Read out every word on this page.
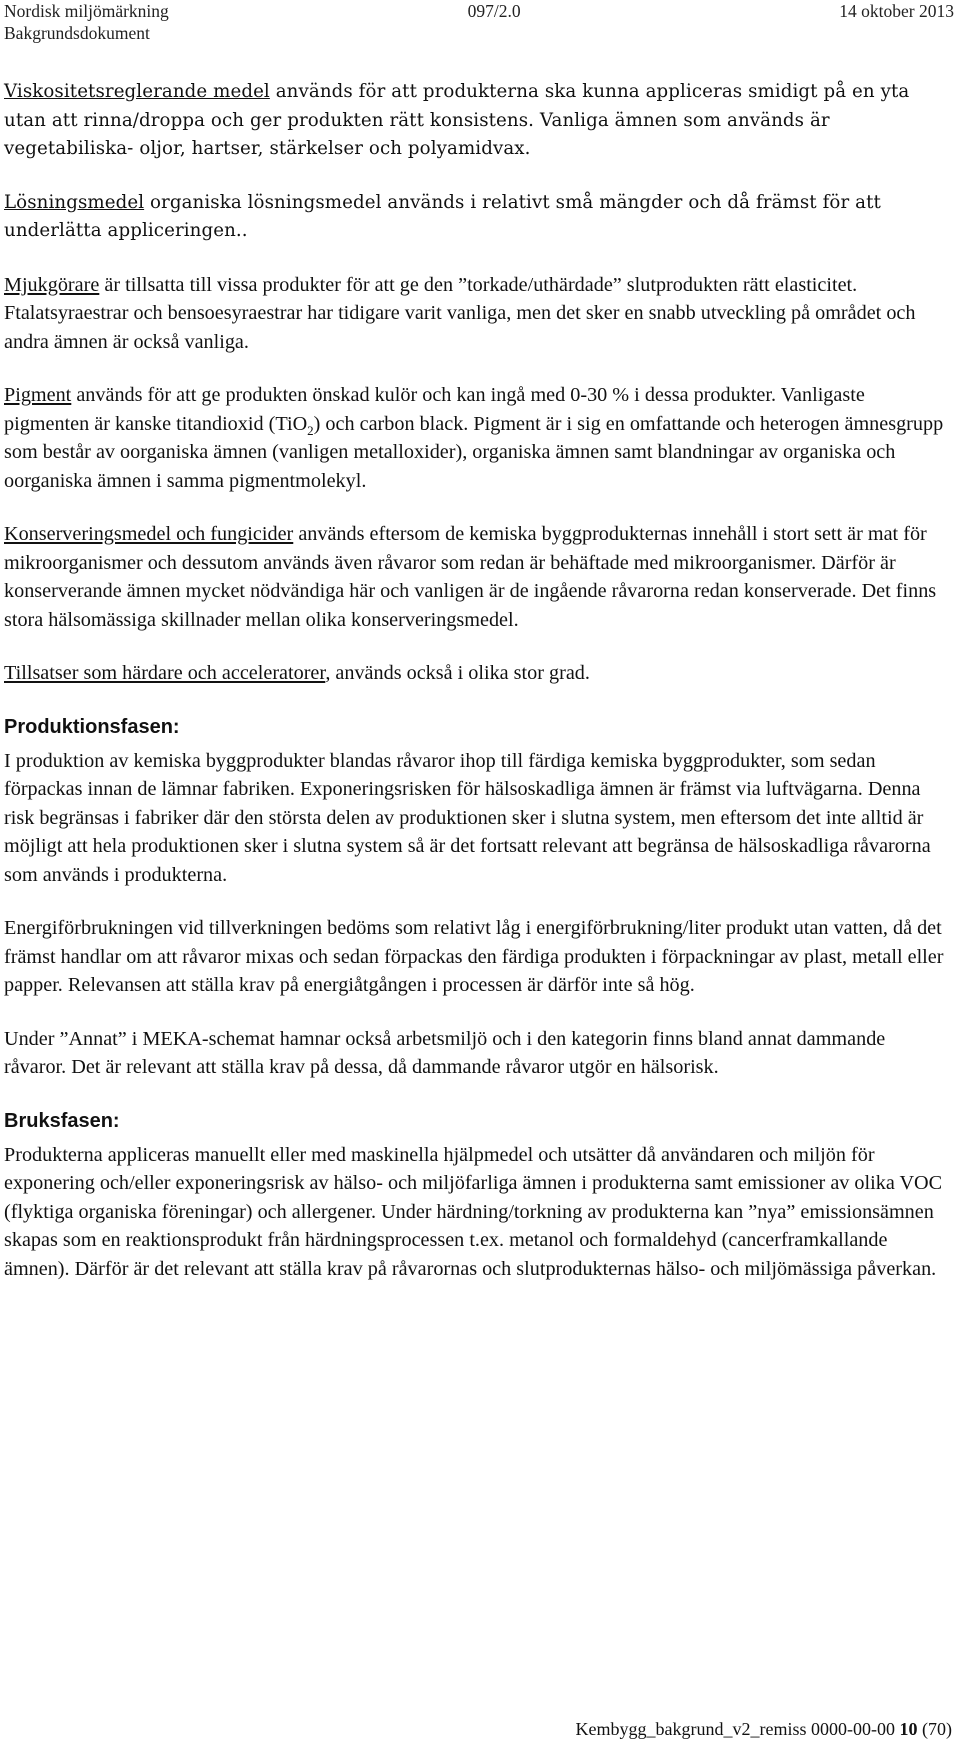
Nordisk miljömärkning	097/2.0	14 oktober 2013
Bakgrundsdokument

Viskositetsreglerande medel används för att produkterna ska kunna appliceras smidigt på en yta utan att rinna/droppa och ger produkten rätt konsistens. Vanliga ämnen som används är vegetabiliska- oljor, hartser, stärkelser och polyamidvax.

Lösningsmedel organiska lösningsmedel används i relativt små mängder och då främst för att underlätta appliceringen..

Mjukgörare är tillsatta till vissa produkter för att ge den ”torkade/uthärdade” slutprodukten rätt elasticitet. Ftalatsyraestrar och bensoesyraestrar har tidigare varit vanliga, men det sker en snabb utveckling på området och andra ämnen är också vanliga.

Pigment används för att ge produkten önskad kulör och kan ingå med 0-30 % i dessa produkter. Vanligaste pigmenten är kanske titandioxid (TiO$_2$) och carbon black. Pigment är i sig en omfattande och heterogen ämnesgrupp som består av oorganiska ämnen (vanligen metalloxider), organiska ämnen samt blandningar av organiska och oorganiska ämnen i samma pigmentmolekyl.

Konserveringsmedel och fungicider används eftersom de kemiska byggprodukternas innehåll i stort sett är mat för mikroorganismer och dessutom används även råvaror som redan är behäftade med mikroorganismer. Därför är konserverande ämnen mycket nödvändiga här och vanligen är de ingående råvarorna redan konserverade. Det finns stora hälsomässiga skillnader mellan olika konserveringsmedel.

Tillsatser som härdare och acceleratorer, används också i olika stor grad.

Produktionsfasen:

I produktion av kemiska byggprodukter blandas råvaror ihop till färdiga kemiska byggprodukter, som sedan förpackas innan de lämnar fabriken. Exponeringsrisken för hälsoskadliga ämnen är främst via luftvägarna. Denna risk begränsas i fabriker där den största delen av produktionen sker i slutna system, men eftersom det inte alltid är möjligt att hela produktionen sker i slutna system så är det fortsatt relevant att begränsa de hälsoskadliga råvarorna som används i produkterna.

Energiförbrukningen vid tillverkningen bedöms som relativt låg i energiförbrukning/liter produkt utan vatten, då det främst handlar om att råvaror mixas och sedan förpackas den färdiga produkten i förpackningar av plast, metall eller papper. Relevansen att ställa krav på energiåtgången i processen är därför inte så hög.

Under ”Annat” i MEKA-schemat hamnar också arbetsmiljö och i den kategorin finns bland annat dammande råvaror. Det är relevant att ställa krav på dessa, då dammande råvaror utgör en hälsorisk.

Bruksfasen:

Produkterna appliceras manuellt eller med maskinella hjälpmedel och utsätter då användaren och miljön för exponering och/eller exponeringsrisk av hälso- och miljöfarliga ämnen i produkterna samt emissioner av olika VOC (flyktiga organiska föreningar) och allergener. Under härdning/torkning av produkterna kan ”nya” emissionsämnen skapas som en reaktionsprodukt från härdningsprocessen t.ex. metanol och formaldehyd (cancerframkallande ämnen). Därför är det relevant att ställa krav på råvarornas och slutprodukternas hälso- och miljömässiga påverkan.

Kembygg_bakgrund_v2_remiss 0000-00-00 10 (70)
